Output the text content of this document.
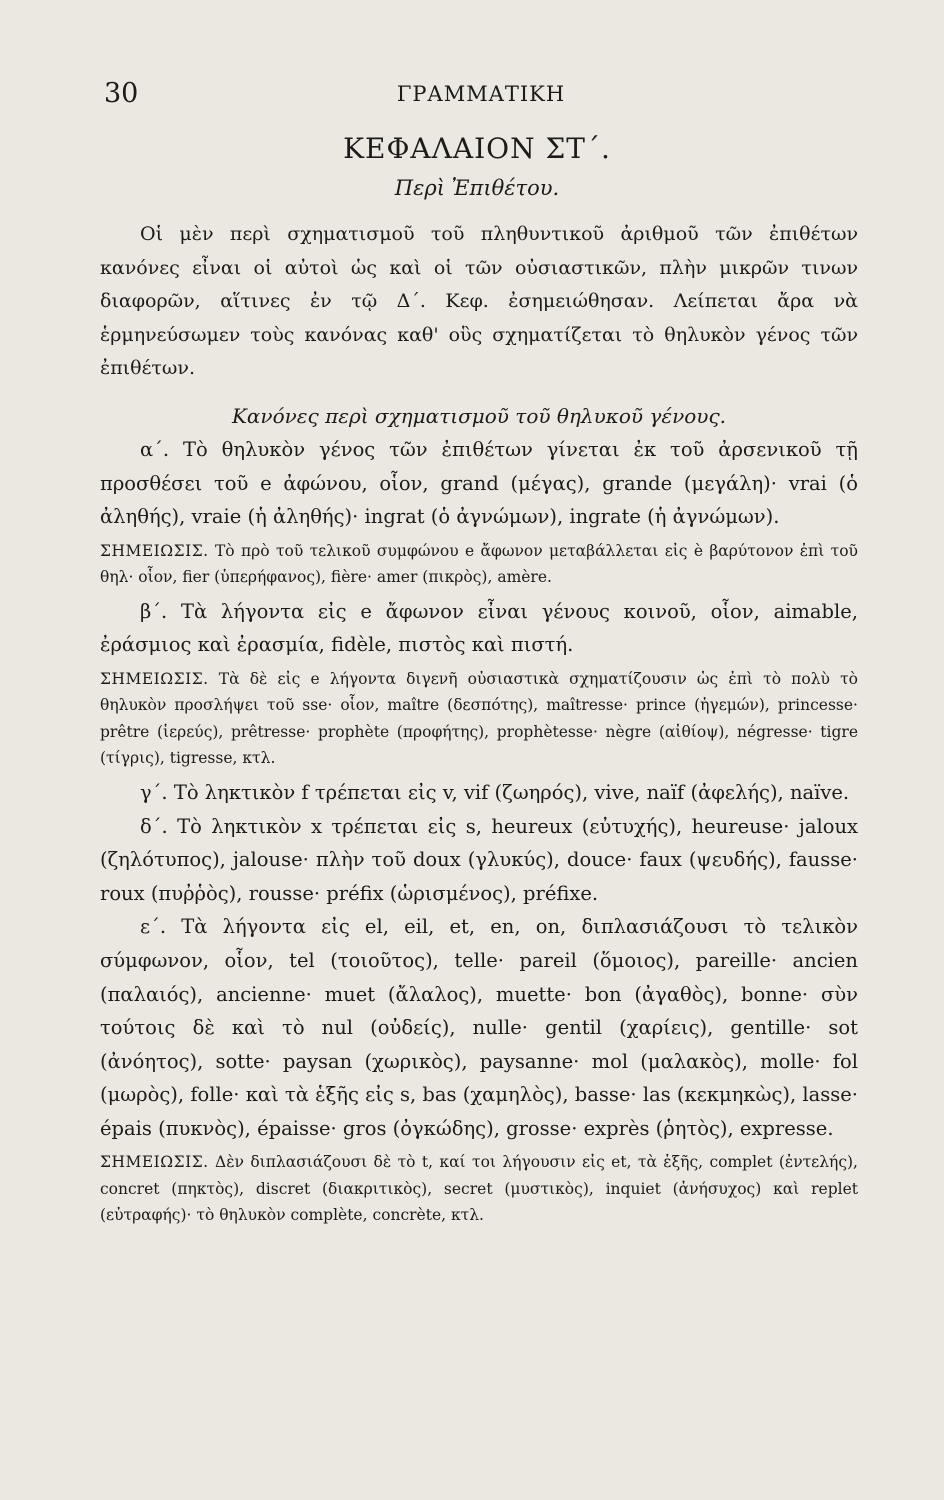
30	ΓΡΑΜΜΑΤΙΚΗ
ΚΕΦΑΛΑΙΟΝ ΣΤ΄.
Περὶ Ἐπιθέτου.

Οἱ μὲν περὶ σχηματισμοῦ τοῦ πληθυντικοῦ ἀριθμοῦ τῶν ἐπιθέτων κανόνες εἶναι οἱ αὐτοὶ ὡς καὶ οἱ τῶν οὐσιαστικῶν, πλὴν μικρῶν τινων διαφορῶν, αἵτινες ἐν τῷ Δ΄. Κεφ. ἐσημειώθησαν. Λείπεται ἄρα νὰ ἑρμηνεύσωμεν τοὺς κανόνας καθ' οὓς σχηματίζεται τὸ θηλυκὸν γένος τῶν ἐπιθέτων.

Κανόνες περὶ σχηματισμοῦ τοῦ θηλυκοῦ γένους.

α΄. Τὸ θηλυκὸν γένος τῶν ἐπιθέτων γίνεται ἐκ τοῦ ἀρσενικοῦ τῇ προσθέσει τοῦ e ἀφώνου, οἷον, grand (μέγας), grande (μεγάλη)· vrai (ὁ ἀληθής), vraie (ἡ ἀληθής)· ingrat (ὁ ἀγνώμων), ingrate (ἡ ἀγνώμων).

ΣΗΜΕΙΩΣΙΣ. Τὸ πρὸ τοῦ τελικοῦ συμφώνου e ἄφωνον μεταβάλλεται εἰς è βαρύτονον ἐπὶ τοῦ θηλ· οἷον, fier (ὑπερήφανος), fière· amer (πικρὸς), amère.

β΄. Τὰ λήγοντα εἰς e ἄφωνον εἶναι γένους κοινοῦ, οἷον, aimable, ἐράσμιος καὶ ἐρασμία, fidèle, πιστὸς καὶ πιστή.

ΣΗΜΕΙΩΣΙΣ. Τὰ δὲ εἰς e λήγοντα διγενῆ οὐσιαστικὰ σχηματίζουσιν ὡς ἐπὶ τὸ πολὺ τὸ θηλυκὸν προσλήψει τοῦ sse· οἷον, maître (δεσπότης), maîtresse· prince (ἡγεμών), princesse· prêtre (ἱερεύς), prêtresse· prophète (προφήτης), prophètesse· nègre (αἰθίοψ), négresse· tigre (τίγρις), tigresse, κτλ.

γ΄. Τὸ ληκτικὸν f τρέπεται εἰς v, vif (ζωηρός), vive, naïf (ἀφελής), naïve.

δ΄. Τὸ ληκτικὸν x τρέπεται εἰς s, heureux (εὐτυχής), heureuse· jaloux (ζηλότυπος), jalouse· πλὴν τοῦ doux (γλυκύς), douce· faux (ψευδής), fausse· roux (πυῤῥὸς), rousse· préfix (ὡρισμένος), préfixe.

ε΄. Τὰ λήγοντα εἰς el, eil, et, en, on, διπλασιάζουσι τὸ τελικὸν σύμφωνον, οἷον, tel (τοιοῦτος), telle· pareil (ὅμοιος), pareille· ancien (παλαιός), ancienne· muet (ἄλαλος), muette· bon (ἀγαθὸς), bonne· σὺν τούτοις δὲ καὶ τὸ nul (οὐδείς), nulle· gentil (χαρίεις), gentille· sot (ἀνόητος), sotte· paysan (χωρικὸς), paysanne· mol (μαλακὸς), molle· fol (μωρὸς), folle· καὶ τὰ ἑξῆς εἰς s, bas (χαμηλὸς), basse· las (κεκμηκὼς), lasse· épais (πυκνὸς), épaisse· gros (ὀγκώδης), grosse· exprès (ῥητὸς), expresse.

ΣΗΜΕΙΩΣΙΣ. Δὲν διπλασιάζουσι δὲ τὸ t, καί τοι λήγουσιν εἰς et, τὰ ἑξῆς, complet (ἐντελής), concret (πηκτὸς), discret (διακριτικὸς), secret (μυστικὸς), inquiet (ἀνήσυχος) καὶ replet (εὐτραφής)· τὸ θηλυκὸν complète, concrète, κτλ.
